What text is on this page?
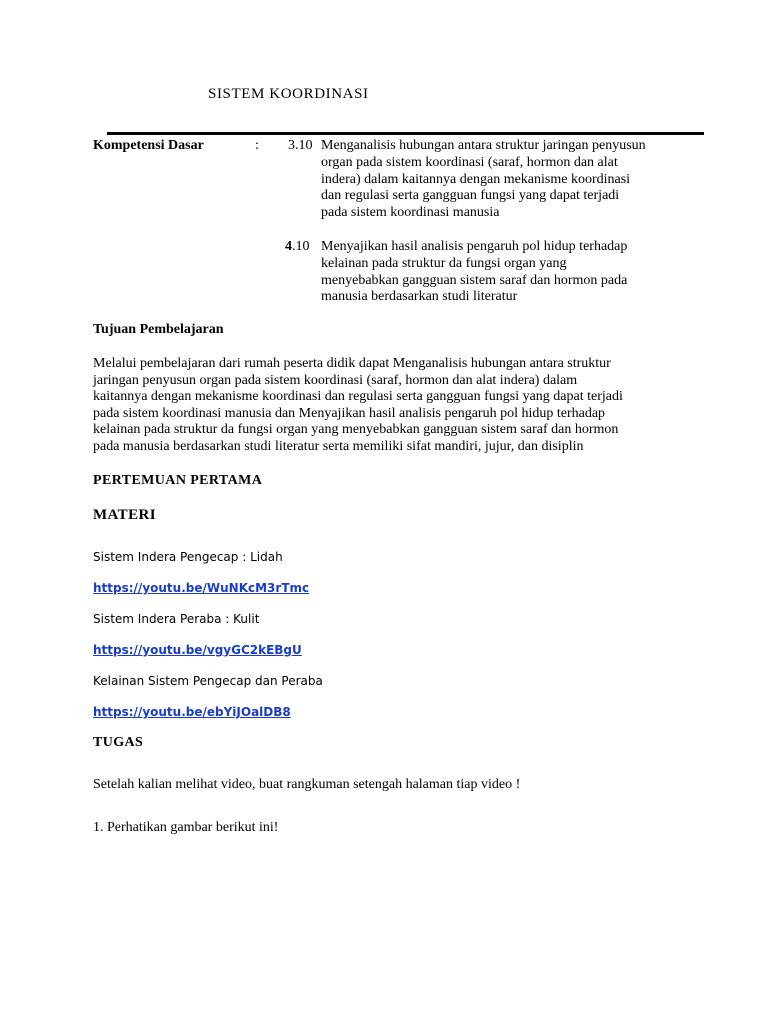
SISTEM KOORDINASI
Kompetensi Dasar	: 3.10 Menganalisis hubungan antara struktur jaringan penyusun
organ pada sistem koordinasi (saraf, hormon dan alat
indera) dalam kaitannya dengan mekanisme koordinasi
dan regulasi serta gangguan fungsi yang dapat terjadi
pada sistem koordinasi manusia
4.10 Menyajikan hasil analisis pengaruh pol hidup terhadap
kelainan pada struktur da fungsi organ yang
menyebabkan gangguan sistem saraf dan hormon pada
manusia berdasarkan studi literatur
Tujuan Pembelajaran
Melalui pembelajaran dari rumah peserta didik dapat Menganalisis hubungan antara struktur
jaringan penyusun organ pada sistem koordinasi (saraf, hormon dan alat indera) dalam
kaitannya dengan mekanisme koordinasi dan regulasi serta gangguan fungsi yang dapat terjadi
pada sistem koordinasi manusia dan Menyajikan hasil analisis pengaruh pol hidup terhadap
kelainan pada struktur da fungsi organ yang menyebabkan gangguan sistem saraf dan hormon
pada manusia berdasarkan studi literatur serta memiliki sifat mandiri, jujur, dan disiplin
PERTEMUAN PERTAMA
MATERI
Sistem Indera Pengecap : Lidah
https://youtu.be/WuNKcM3rTmc
Sistem Indera Peraba : Kulit
https://youtu.be/vgyGC2kEBgU
Kelainan Sistem Pengecap dan Peraba
https://youtu.be/ebYiJOalDB8
TUGAS
Setelah kalian melihat video, buat rangkuman setengah halaman tiap video !
1. Perhatikan gambar berikut ini!
